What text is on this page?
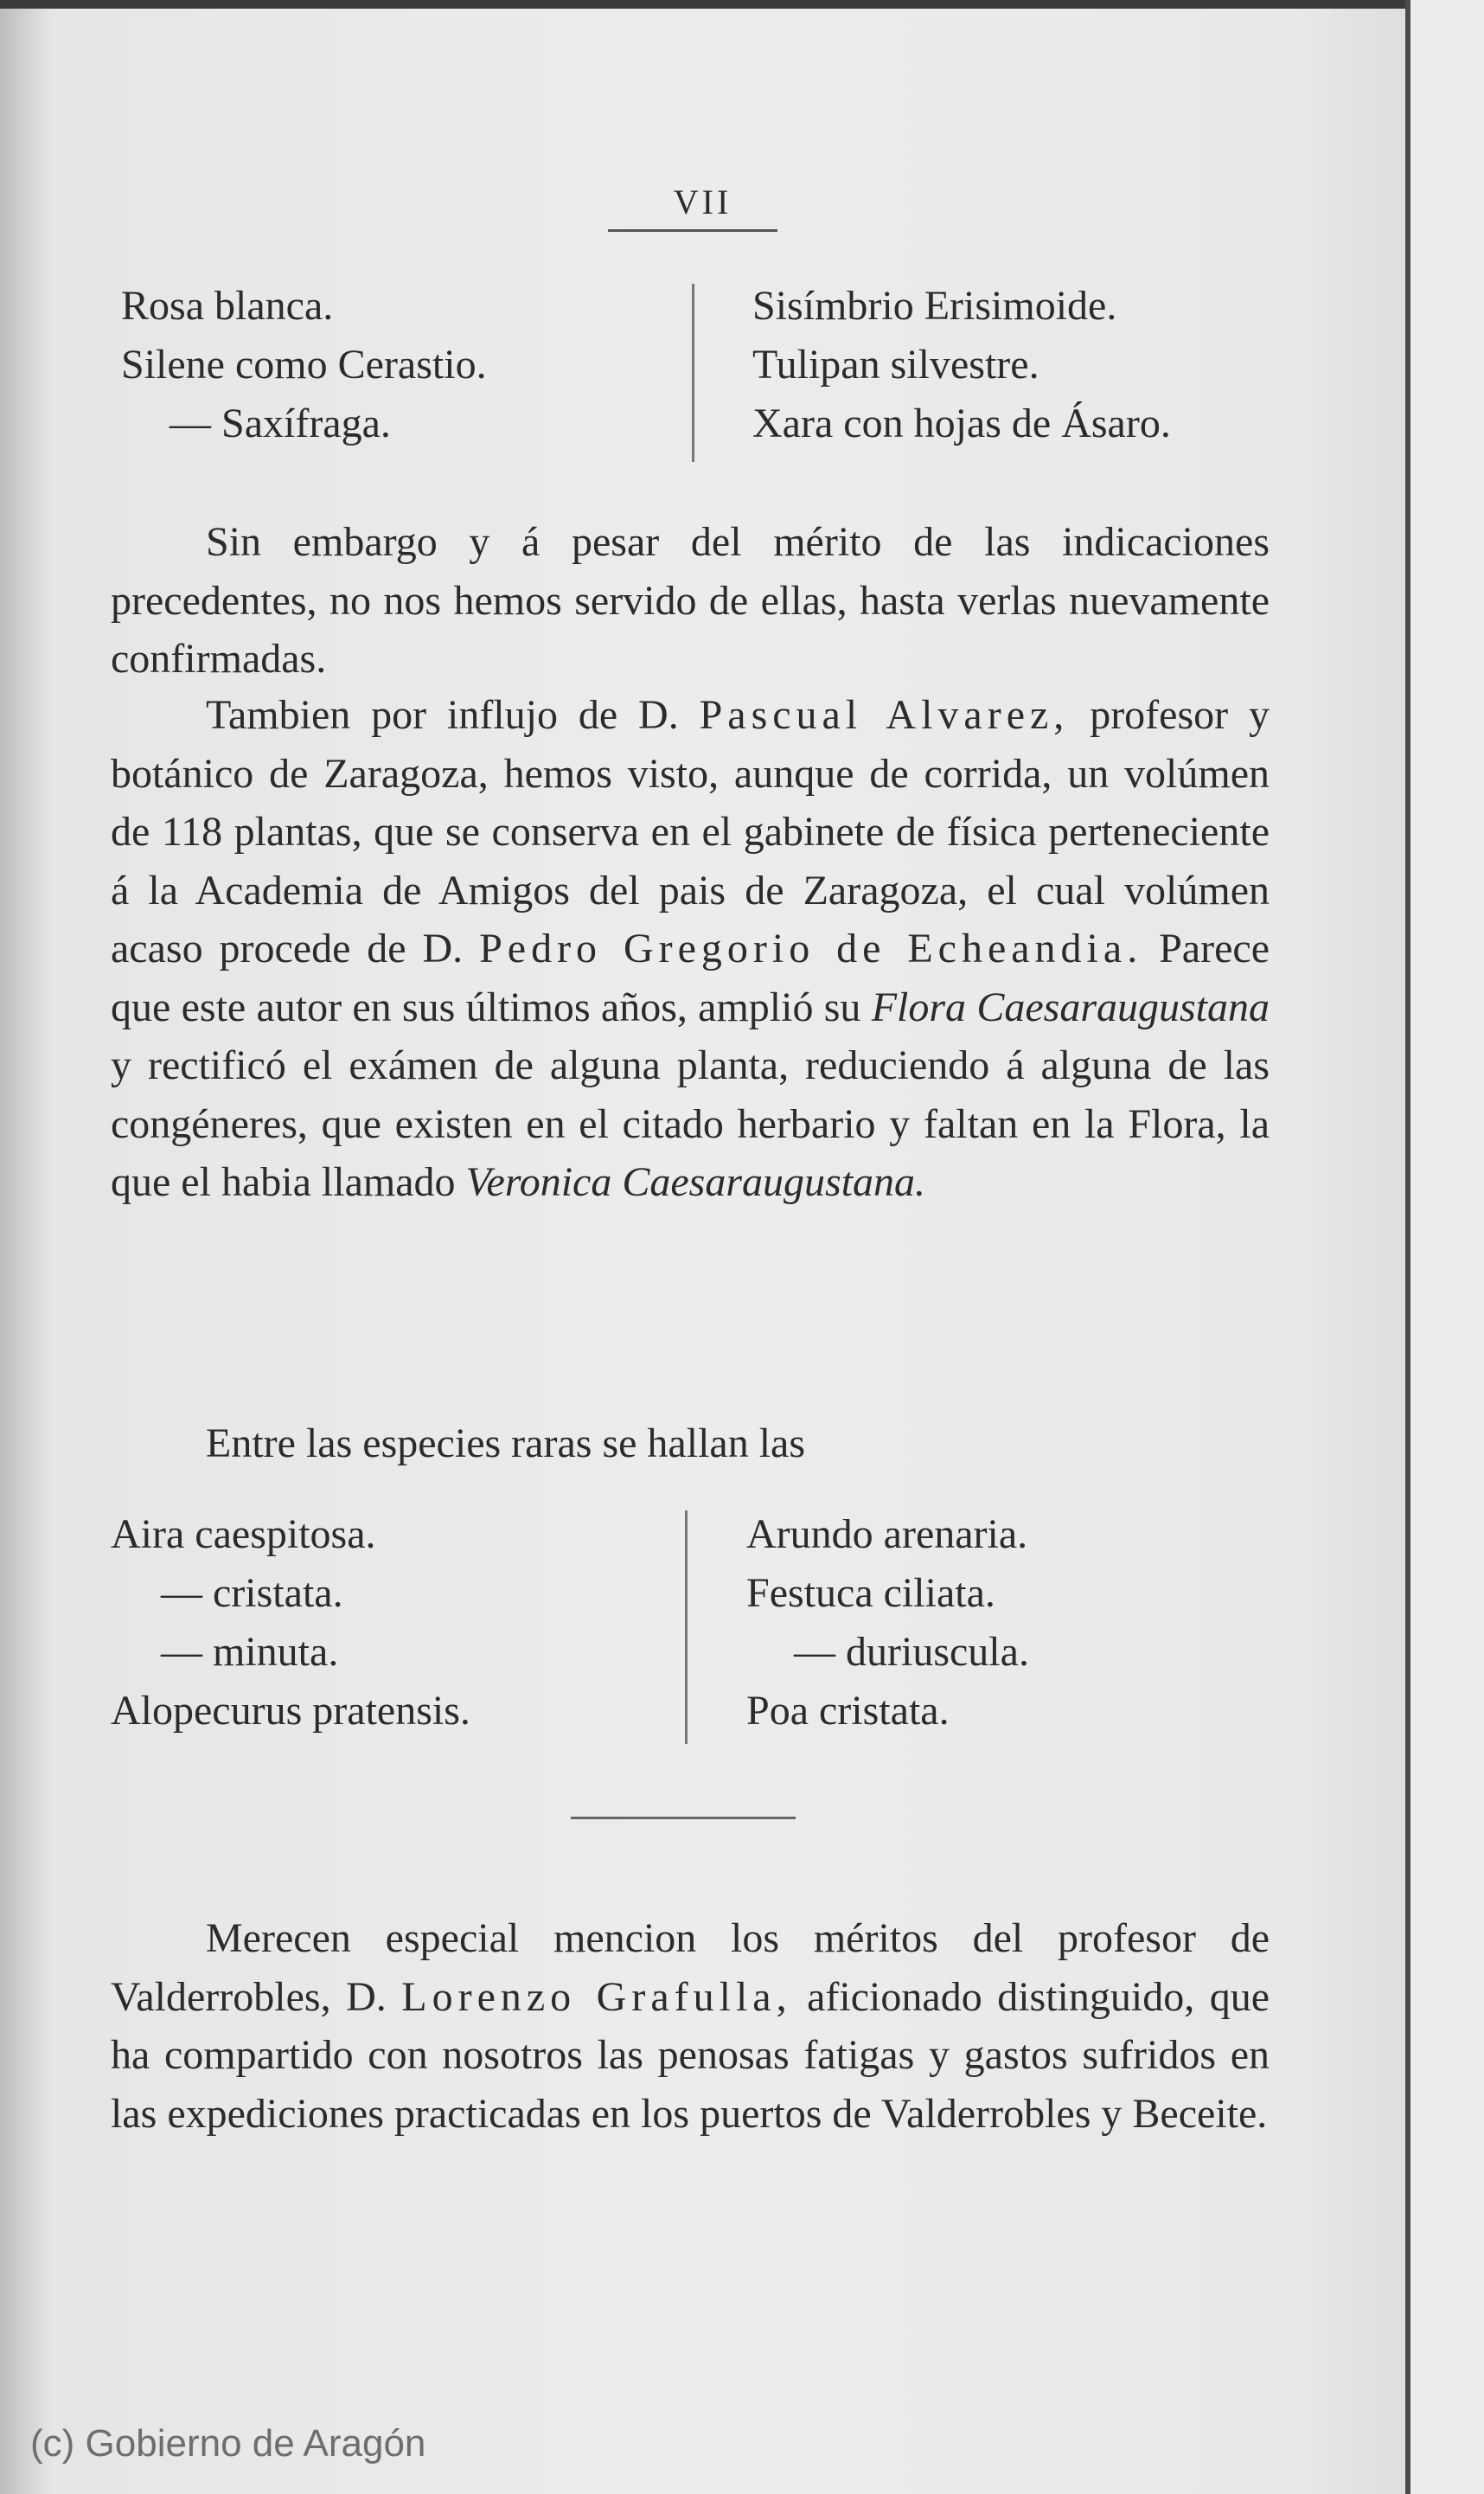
VII

Rosa blanca.

Silene como Cerastio.

— Saxífraga.

Sisímbrio Erisimoide.

Tulipan silvestre.

Xara con hojas de Ásaro.

Sin embargo y á pesar del mérito de las indicaciones precedentes, no nos hemos servido de ellas, hasta verlas nuevamente confirmadas.

Tambien por influjo de D. Pascual Alvarez, profesor y botánico de Zaragoza, hemos visto, aunque de corrida, un volúmen de 118 plantas, que se conserva en el gabinete de física perteneciente á la Academia de Amigos del pais de Zaragoza, el cual volúmen acaso procede de D. Pedro Gregorio de Echeandia. Parece que este autor en sus últimos años, amplió su Flora Caesaraugustana y rectificó el exámen de alguna planta, reduciendo á alguna de las congéneres, que existen en el citado herbario y faltan en la Flora, la que el habia llamado Veronica Caesaraugustana.

Entre las especies raras se hallan las

Aira caespitosa.

— cristata.

— minuta.

Alopecurus pratensis.

Arundo arenaria.

Festuca ciliata.

— duriuscula.

Poa cristata.

Merecen especial mencion los méritos del profesor de Valderrobles, D. Lorenzo Grafulla, aficionado distinguido, que ha compartido con nosotros las penosas fatigas y gastos sufridos en las expediciones practicadas en los puertos de Valderrobles y Beceite.

(c) Gobierno de Aragón
